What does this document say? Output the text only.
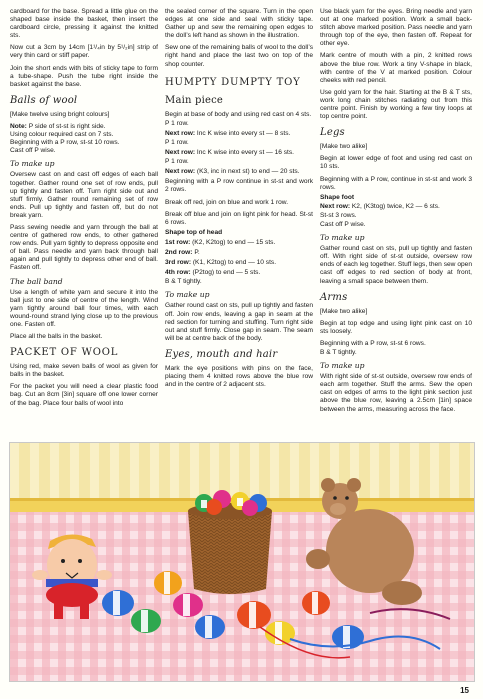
cardboard for the base. Spread a little glue on the shaped base inside the basket, then insert the cardboard circle, pressing it against the knitted sts.

Now cut a 3cm by 14cm [1¹/₄in by 5¹/₂in] strip of very thin card or stiff paper.

Join the short ends with bits of sticky tape to form a tube-shape. Push the tube right inside the basket against the base.

Balls of wool

[Make twelve using bright colours]

Note: P side of st-st is right side.

Using colour required cast on 7 sts.

Beginning with a P row, st-st 10 rows.

Cast off P wise.

To make up

Oversew cast on and cast off edges of each ball together. Gather round one set of row ends, pull up tightly and fasten off. Turn right side out and stuff firmly. Gather round remaining set of row ends. Pull up tightly and fasten off, but do not break yarn.

Pass sewing needle and yarn through the ball at centre of gathered row ends, to other gathered row ends. Pull yarn tightly to depress opposite end of ball. Pass needle and yarn back through ball again and pull tightly to depress other end of ball. Fasten off.

The ball band

Use a length of white yarn and secure it into the ball just to one side of centre of the length. Wind yarn tightly around ball four times, with each wound-round strand lying close up to the previous one. Fasten off.

Place all the balls in the basket.

PACKET OF WOOL

Using red, make seven balls of wool as given for balls in the basket.

For the packet you will need a clear plastic food bag. Cut an 8cm [3in] square off one lower corner of the bag. Place four balls of wool into

the sealed corner of the square. Turn in the open edges at one side and seal with sticky tape. Gather up and sew the remaining open edges to the doll’s left hand as shown in the illustration.

Sew one of the remaining balls of wool to the doll’s right hand and place the last two on top of the shop counter.

HUMPTY DUMPTY TOY
Main piece

Begin at base of body and using red cast on 4 sts.

P 1 row.

Next row: Inc K wise into every st — 8 sts.

P 1 row.

Next row: Inc K wise into every st — 16 sts.

P 1 row.

Next row: (K3, inc in next st) to end — 20 sts.

Beginning with a P row continue in st-st and work 2 rows.

Break off red, join on blue and work 1 row.

Break off blue and join on light pink for head. St-st 6 rows.

Shape top of head

1st row: (K2, K2tog) to end — 15 sts.

2nd row: P.

3rd row: (K1, K2tog) to end — 10 sts.

4th row: (P2tog) to end — 5 sts.

B & T tightly.

To make up

Gather round cast on sts, pull up tightly and fasten off. Join row ends, leaving a gap in seam at the red section for turning and stuffing. Turn right side out and stuff firmly. Close gap in seam. The seam will be at centre back of the body.

Eyes, mouth and hair

Mark the eye positions with pins on the face, placing them 4 knitted rows above the blue row and in the centre of 2 adjacent sts.

Use black yarn for the eyes. Bring needle and yarn out at one marked position. Work a small back-stitch above marked position. Pass needle and yarn through top of the eye, then fasten off. Repeat for other eye.

Mark centre of mouth with a pin, 2 knitted rows above the blue row. Work a tiny V-shape in black, with centre of the V at marked position. Colour cheeks with red pencil.

Use gold yarn for the hair. Starting at the B & T sts, work long chain stitches radiating out from this centre point. Finish by working a few tiny loops at top centre point.

Legs

[Make two alike]

Begin at lower edge of foot and using red cast on 10 sts.

Beginning with a P row, continue in st-st and work 3 rows.

Shape foot

Next row: K2, (K3tog) twice, K2 — 6 sts.

St-st 3 rows.

Cast off P wise.

To make up

Gather round cast on sts, pull up tightly and fasten off. With right side of st-st outside, oversew row ends of each leg together. Stuff legs, then sew open cast off edges to red section of body at front, leaving a small space between them.

Arms

[Make two alike]

Begin at top edge and using light pink cast on 10 sts loosely.

Beginning with a P row, st-st 6 rows.

B & T tightly.

To make up

With right side of st-st outside, oversew row ends of each arm together. Stuff the arms. Sew the open cast on edges of arms to the light pink section just above the blue row, leaving a 2.5cm [1in] space between the arms, measuring across the face.

15
